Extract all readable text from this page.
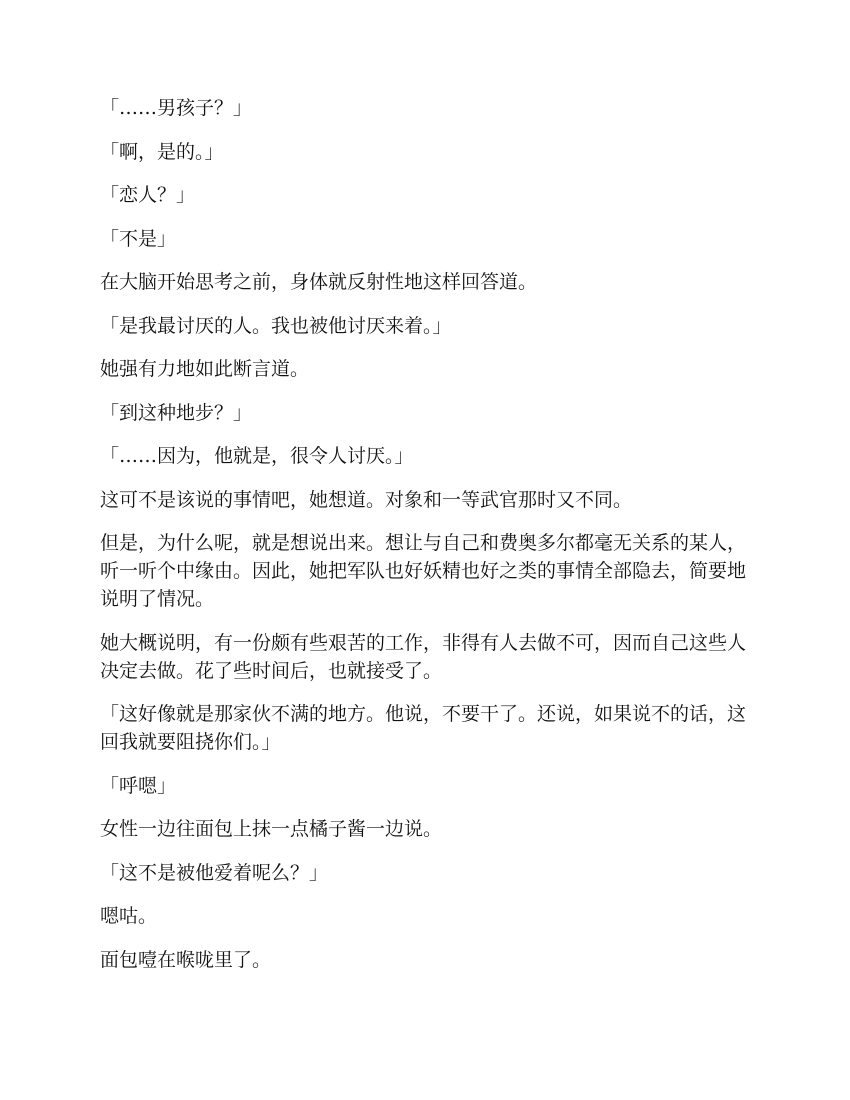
「……男孩子？」

「啊，是的。」

「恋人？」

「不是」

在大脑开始思考之前，身体就反射性地这样回答道。

「是我最讨厌的人。我也被他讨厌来着。」

她强有力地如此断言道。

「到这种地步？」

「……因为，他就是，很令人讨厌。」

这可不是该说的事情吧，她想道。对象和一等武官那时又不同。

但是，为什么呢，就是想说出来。想让与自己和费奥多尔都毫无关系的某人，听一听个中缘由。因此，她把军队也好妖精也好之类的事情全部隐去，简要地说明了情况。

她大概说明，有一份颇有些艰苦的工作，非得有人去做不可，因而自己这些人决定去做。花了些时间后，也就接受了。

「这好像就是那家伙不满的地方。他说，不要干了。还说，如果说不的话，这回我就要阻挠你们。」

「呼嗯」

女性一边往面包上抹一点橘子酱一边说。

「这不是被他爱着呢么？」

嗯咕。

面包噎在喉咙里了。
